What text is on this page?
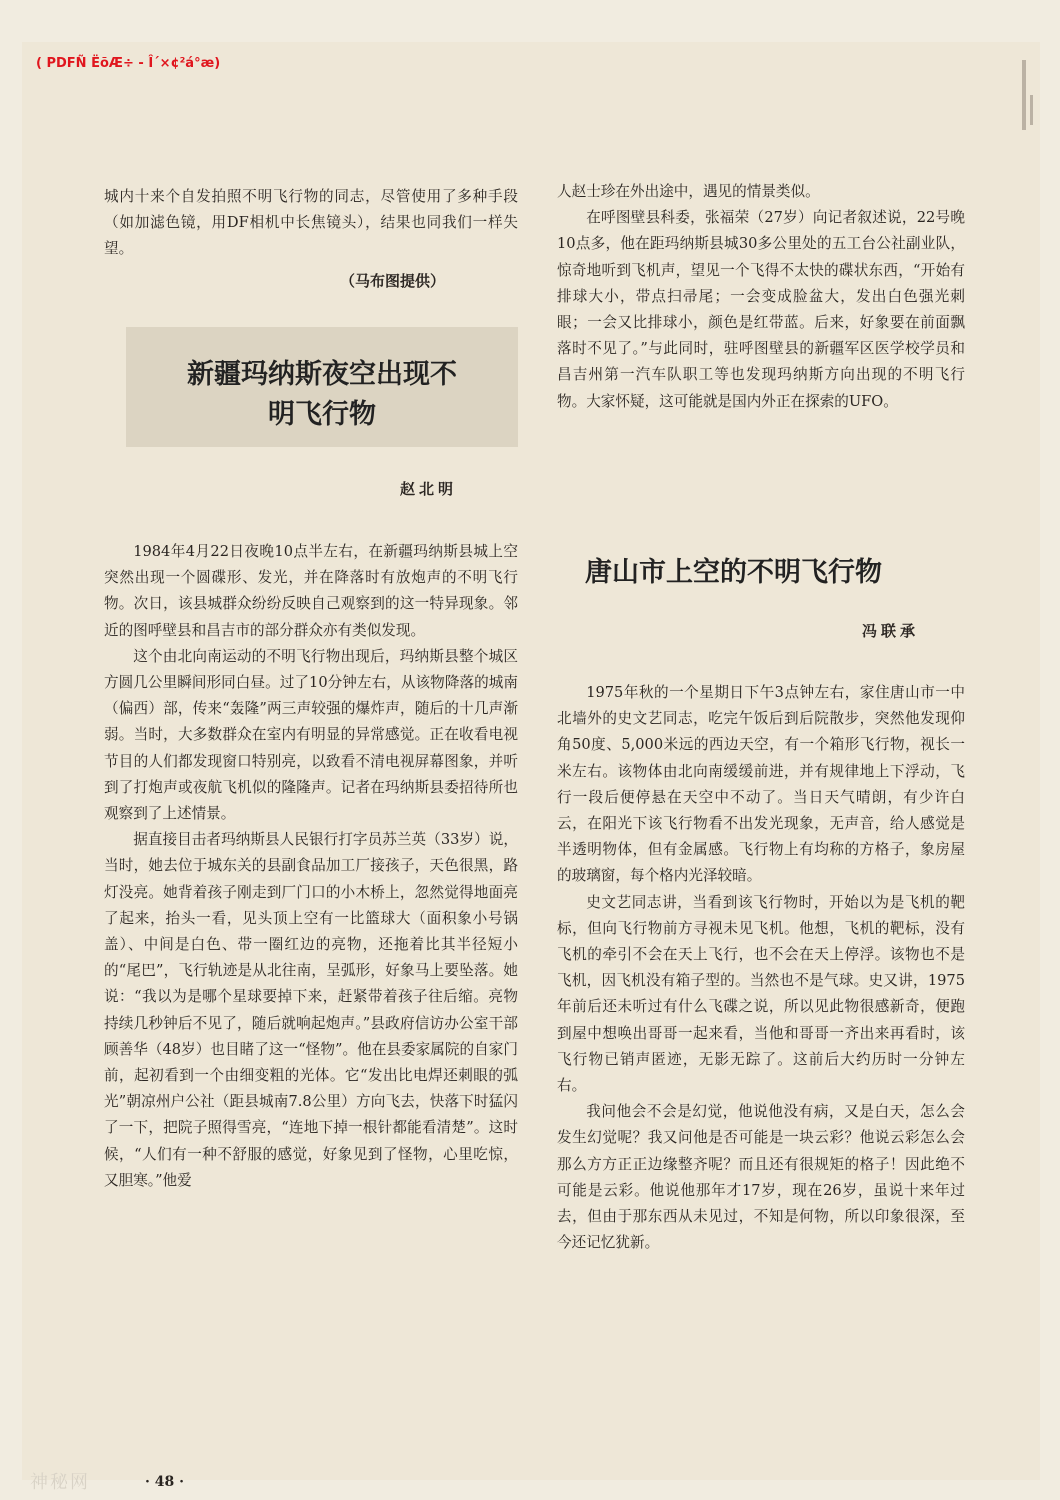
( PDFÑ ËõÆ÷ - Î´×¢²á°æ)

城内十来个自发拍照不明飞行物的同志，尽管使用了多种手段（如加滤色镜，用DF相机中长焦镜头），结果也同我们一样失望。

（马布图提供）
新疆玛纳斯夜空出现不
明飞行物
赵北明

1984年4月22日夜晚10点半左右，在新疆玛纳斯县城上空突然出现一个圆碟形、发光，并在降落时有放炮声的不明飞行物。次日，该县城群众纷纷反映自己观察到的这一特异现象。邻近的图呼壁县和昌吉市的部分群众亦有类似发现。

这个由北向南运动的不明飞行物出现后，玛纳斯县整个城区方圆几公里瞬间形同白昼。过了10分钟左右，从该物降落的城南（偏西）部，传来“轰隆”两三声较强的爆炸声，随后的十几声渐弱。当时，大多数群众在室内有明显的异常感觉。正在收看电视节目的人们都发现窗口特别亮，以致看不清电视屏幕图象，并听到了打炮声或夜航飞机似的隆隆声。记者在玛纳斯县委招待所也观察到了上述情景。

据直接目击者玛纳斯县人民银行打字员苏兰英（33岁）说，当时，她去位于城东关的县副食品加工厂接孩子，天色很黑，路灯没亮。她背着孩子刚走到厂门口的小木桥上，忽然觉得地面亮了起来，抬头一看，见头顶上空有一比篮球大（面积象小号锅盖）、中间是白色、带一圈红边的亮物，还拖着比其半径短小的“尾巴”，飞行轨迹是从北往南，呈弧形，好象马上要坠落。她说：“我以为是哪个星球要掉下来，赶紧带着孩子往后缩。亮物持续几秒钟后不见了，随后就响起炮声。”县政府信访办公室干部顾善华（48岁）也目睹了这一“怪物”。他在县委家属院的自家门前，起初看到一个由细变粗的光体。它“发出比电焊还刺眼的弧光”朝凉州户公社（距县城南7.8公里）方向飞去，快落下时猛闪了一下，把院子照得雪亮，“连地下掉一根针都能看清楚”。这时候，“人们有一种不舒服的感觉，好象见到了怪物，心里吃惊，又胆寒。”他爱

人赵士珍在外出途中，遇见的情景类似。

在呼图壁县科委，张福荣（27岁）向记者叙述说，22号晚10点多，他在距玛纳斯县城30多公里处的五工台公社副业队，惊奇地听到飞机声，望见一个飞得不太快的碟状东西，“开始有排球大小，带点扫帚尾；一会变成脸盆大，发出白色强光刺眼；一会又比排球小，颜色是红带蓝。后来，好象要在前面飘落时不见了。”与此同时，驻呼图壁县的新疆军区医学校学员和昌吉州第一汽车队职工等也发现玛纳斯方向出现的不明飞行物。大家怀疑，这可能就是国内外正在探索的UFO。

唐山市上空的不明飞行物
冯联承

1975年秋的一个星期日下午3点钟左右，家住唐山市一中北墙外的史文艺同志，吃完午饭后到后院散步，突然他发现仰角50度、5,000米远的西边天空，有一个箱形飞行物，视长一米左右。该物体由北向南缓缓前进，并有规律地上下浮动，飞行一段后便停悬在天空中不动了。当日天气晴朗，有少许白云，在阳光下该飞行物看不出发光现象，无声音，给人感觉是半透明物体，但有金属感。飞行物上有均称的方格子，象房屋的玻璃窗，每个格内光泽较暗。

史文艺同志讲，当看到该飞行物时，开始以为是飞机的靶标，但向飞行物前方寻视未见飞机。他想，飞机的靶标，没有飞机的牵引不会在天上飞行，也不会在天上停浮。该物也不是飞机，因飞机没有箱子型的。当然也不是气球。史又讲，1975年前后还未听过有什么飞碟之说，所以见此物很感新奇，便跑到屋中想唤出哥哥一起来看，当他和哥哥一齐出来再看时，该飞行物已销声匿迹，无影无踪了。这前后大约历时一分钟左右。

我问他会不会是幻觉，他说他没有病，又是白天，怎么会发生幻觉呢？我又问他是否可能是一块云彩？他说云彩怎么会那么方方正正边缘整齐呢？而且还有很规矩的格子！因此绝不可能是云彩。他说他那年才17岁，现在26岁，虽说十来年过去，但由于那东西从未见过，不知是何物，所以印象很深，至今还记忆犹新。

· 48 ·
神秘网
